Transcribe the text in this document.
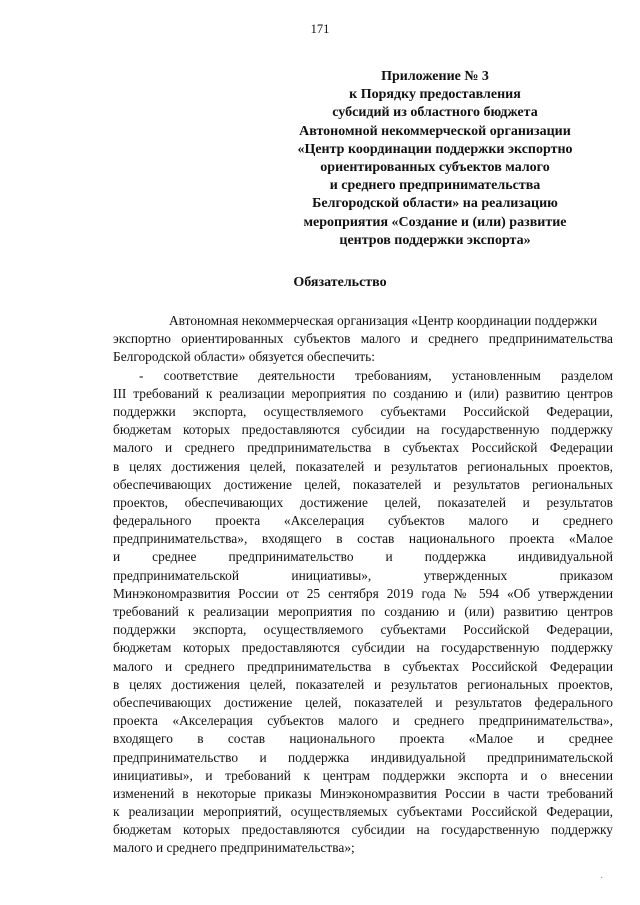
171
Приложение № 3
к Порядку предоставления
субсидий из областного бюджета
Автономной некоммерческой организации
«Центр координации поддержки экспортно
ориентированных субъектов малого
и среднего предпринимательства
Белгородской области» на реализацию
мероприятия «Создание и (или) развитие
центров поддержки экспорта»
Обязательство
Автономная некоммерческая организация «Центр координации поддержки
экспортно ориентированных субъектов малого и среднего предпринимательства
Белгородской области» обязуется обеспечить:
- соответствие деятельности требованиям, установленным разделом
III требований к реализации мероприятия по созданию и (или) развитию центров
поддержки экспорта, осуществляемого субъектами Российской Федерации,
бюджетам которых предоставляются субсидии на государственную поддержку
малого и среднего предпринимательства в субъектах Российской Федерации
в целях достижения целей, показателей и результатов региональных проектов,
обеспечивающих достижение целей, показателей и результатов региональных
проектов, обеспечивающих достижение целей, показателей и результатов
федерального проекта «Акселерация субъектов малого и среднего
предпринимательства», входящего в состав национального проекта «Малое
и среднее предпринимательство и поддержка индивидуальной
предпринимательской инициативы», утвержденных приказом
Минэкономразвития России от 25 сентября 2019 года № 594 «Об утверждении
требований к реализации мероприятия по созданию и (или) развитию центров
поддержки экспорта, осуществляемого субъектами Российской Федерации,
бюджетам которых предоставляются субсидии на государственную поддержку
малого и среднего предпринимательства в субъектах Российской Федерации
в целях достижения целей, показателей и результатов региональных проектов,
обеспечивающих достижение целей, показателей и результатов федерального
проекта «Акселерация субъектов малого и среднего предпринимательства»,
входящего в состав национального проекта «Малое и среднее
предпринимательство и поддержка индивидуальной предпринимательской
инициативы», и требований к центрам поддержки экспорта и о внесении
изменений в некоторые приказы Минэкономразвития России в части требований
к реализации мероприятий, осуществляемых субъектами Российской Федерации,
бюджетам которых предоставляются субсидии на государственную поддержку
малого и среднего предпринимательства»;
·
